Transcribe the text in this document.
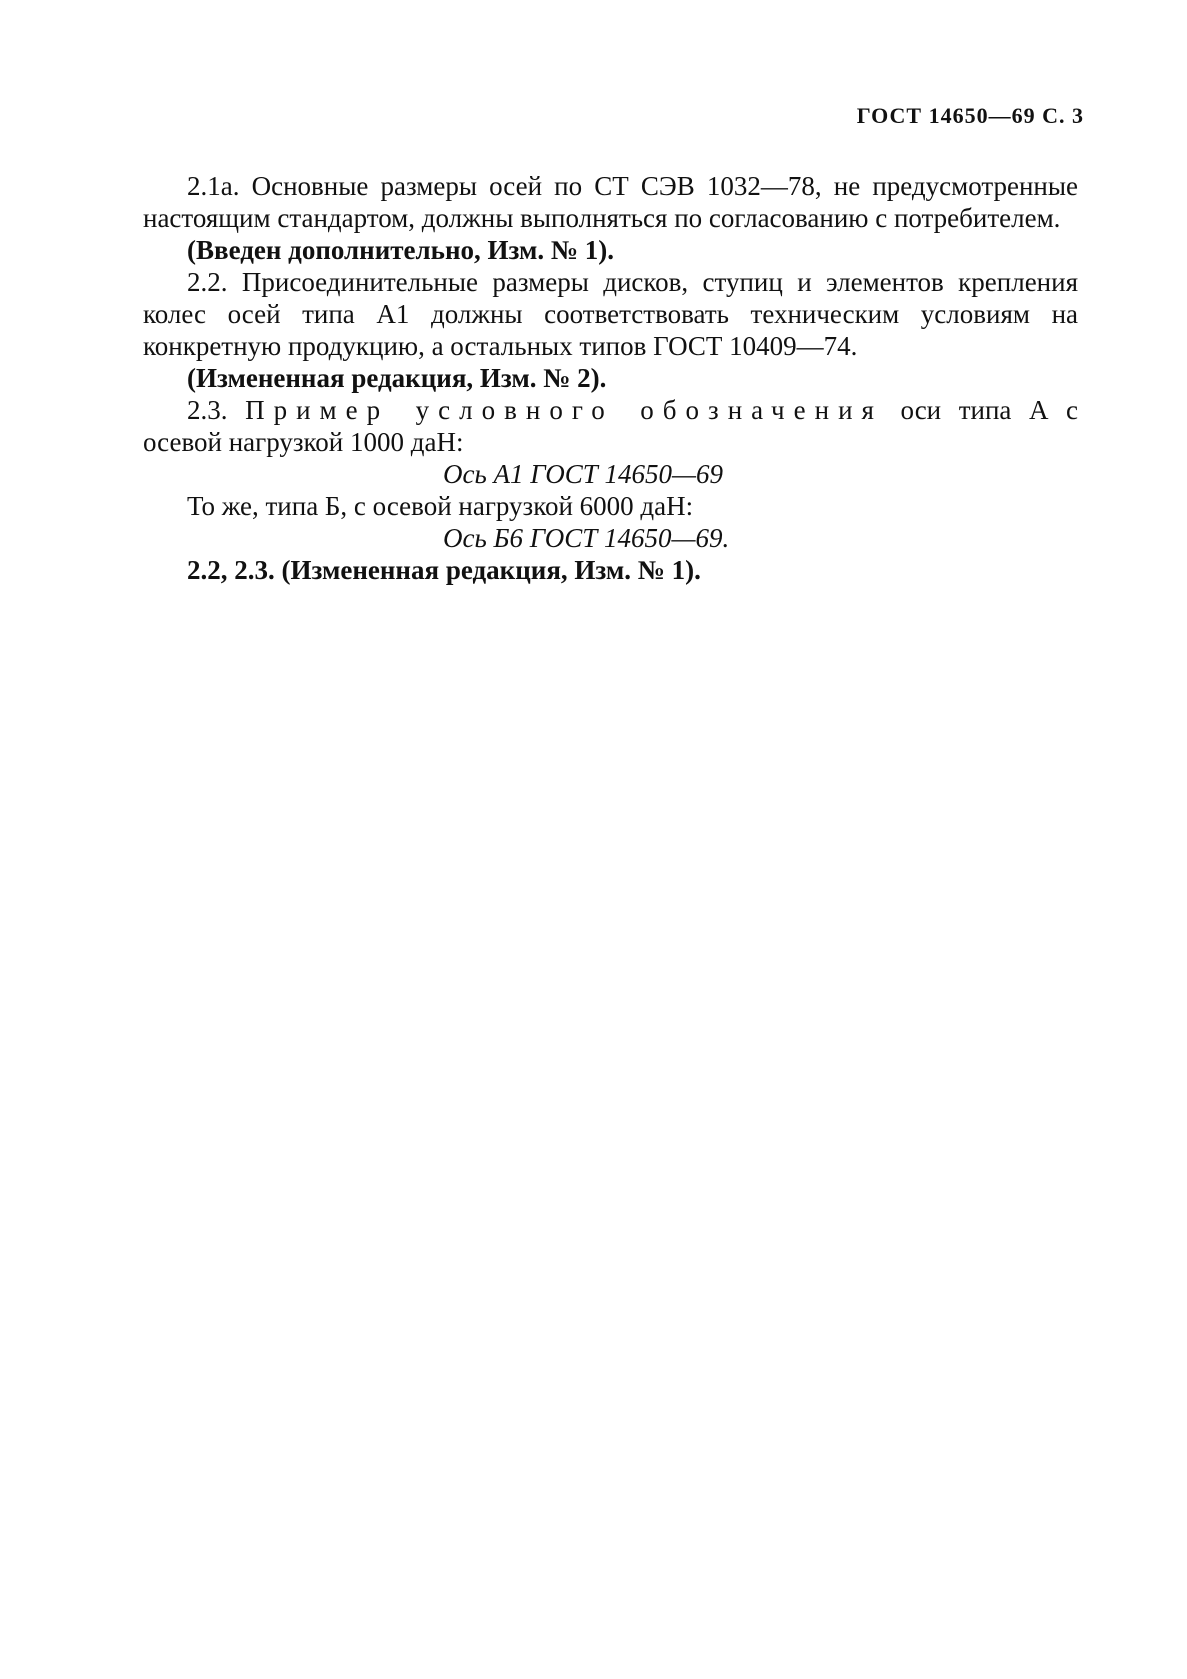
ГОСТ 14650—69 С. 3

2.1а. Основные размеры осей по СТ СЭВ 1032—78, не предусмотренные настоящим стандартом, должны выполняться по согласованию с потребителем.

(Введен дополнительно, Изм. № 1).

2.2. Присоединительные размеры дисков, ступиц и элементов крепления колес осей типа А1 должны соответствовать техническим условиям на конкретную продукцию, а остальных типов ГОСТ 10409—74.

(Измененная редакция, Изм. № 2).

2.3. Пример условного обозначения оси типа А с осевой нагрузкой 1000 даН:

Ось А1 ГОСТ 14650—69

То же, типа Б, с осевой нагрузкой 6000 даН:

Ось Б6 ГОСТ 14650—69.

2.2, 2.3. (Измененная редакция, Изм. № 1).
